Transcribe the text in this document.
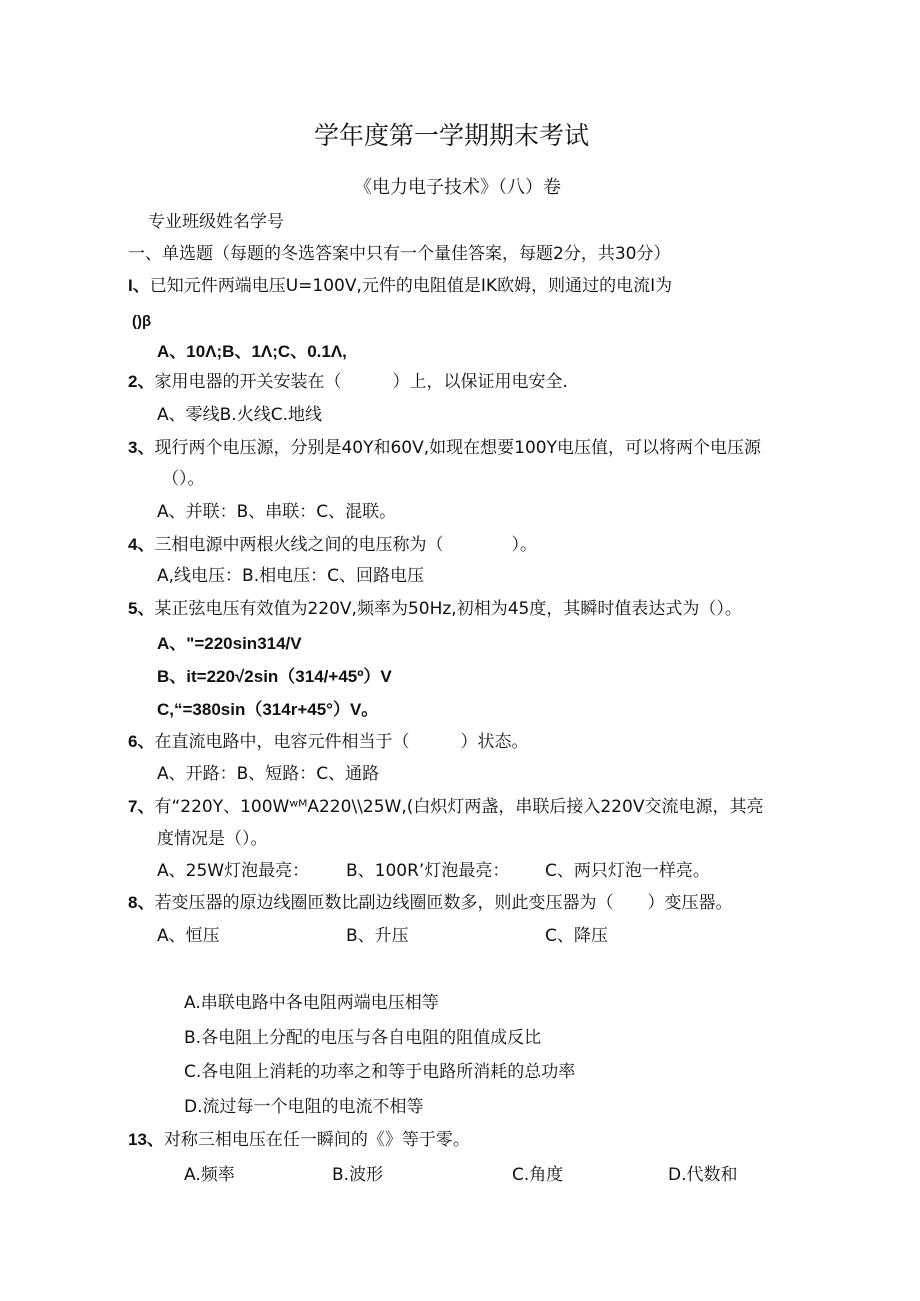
学年度第一学期期末考试
《电力电子技术》（八）卷
专业班级姓名学号
一、单选题（每题的冬选答案中只有一个量佳答案，每题2分，共30分）
I、已知元件两端电压U=100V,元件的电阻值是IK欧姆，则通过的电流I为
()β
A、10Λ;B、1Λ;C、0.1Λ,
2、家用电器的开关安装在（　　　）上，以保证用电安全.
A、零线B.火线C.地线
3、现行两个电压源，分别是40Y和60V,如现在想要100Y电压值，可以将两个电压源
（）。
A、并联：B、串联：C、混联。
4、三相电源中两根火线之间的电压称为（　　　　）。
A,线电压：B.相电压：C、回路电压
5、某正弦电压有效值为220V,频率为50Hz,初相为45度，其瞬时值表达式为（）。
A、"=220sin314/V
B、it=220√2sin（314/+45º）V
C,“=380sin（314r+45°）V。
6、在直流电路中，电容元件相当于（　　　）状态。
A、开路：B、短路：C、通路
7、有“220Y、100WʷᴹA220\\25W,(白炽灯两盏，串联后接入220V交流电源，其亮
度情况是（）。
A、25W灯泡最亮： B、100R’灯泡最亮： C、两只灯泡一样亮。
8、若变压器的原边线圈匝数比副边线圈匝数多，则此变压器为（　　）变压器。
A、恒压	B、升压	C、降压
A.串联电路中各电阻两端电压相等
B.各电阻上分配的电压与各自电阻的阻值成反比
C.各电阻上消耗的功率之和等于电路所消耗的总功率
D.流过每一个电阻的电流不相等
13、对称三相电压在任一瞬间的《》等于零。
A.频率	B.波形	C.角度	D.代数和
